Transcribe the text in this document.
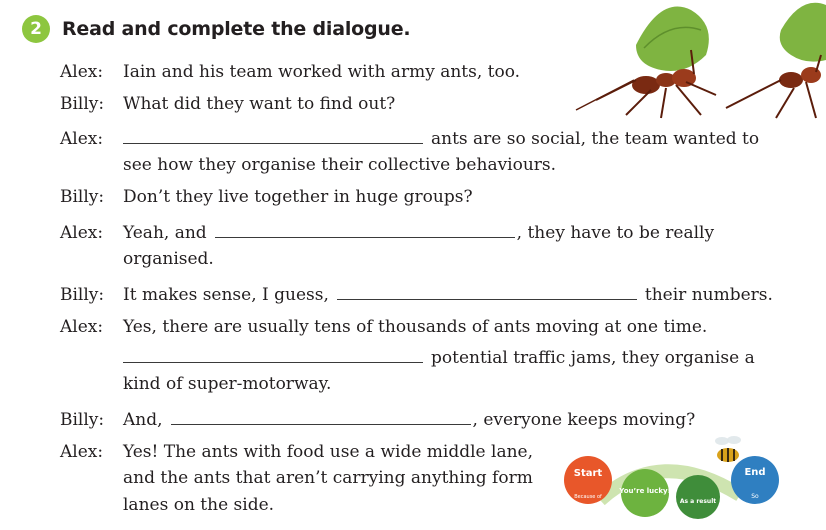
2	Read and complete the dialogue.
Alex: Iain and his team worked with army ants, too.
Billy: What did they want to find out?
Alex:	ants are so social, the team wanted to
see how they organise their collective behaviours.
Billy: Don’t they live together in huge groups?
Alex: Yeah, and	, they have to be really
organised.
Billy: It makes sense, I guess,	their numbers.
Alex: Yes, there are usually tens of thousands of ants moving at one time.
potential traffic jams, they organise a
kind of super-motorway.
Billy: And,	, everyone keeps moving?
Alex: Yes! The ants with food use a wide middle lane,
and the ants that aren’t carrying anything form
lanes on the side.
Start
You’re lucky!
As a result
End
Because of	So
